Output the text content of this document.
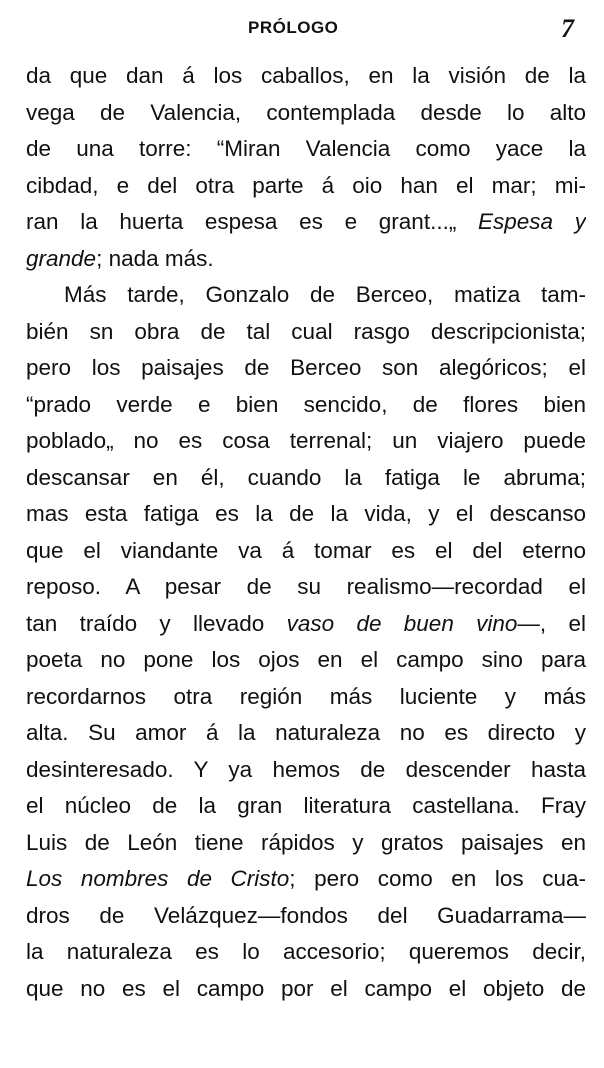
PRÓLOGO	7
da que dan á los caballos, en la visión de la
vega de Valencia, contemplada desde lo alto
de una torre: “Miran Valencia como yace la
cibdad, e del otra parte á oio han el mar; mi-
ran la huerta espesa es e grant...„ Espesa y
grande; nada más.
Más tarde, Gonzalo de Berceo, matiza tam-
bién sn obra de tal cual rasgo descripcionista;
pero los paisajes de Berceo son alegóricos; el
“prado verde e bien sencido, de flores bien
poblado„ no es cosa terrenal; un viajero puede
descansar en él, cuando la fatiga le abruma;
mas esta fatiga es la de la vida, y el descanso
que el viandante va á tomar es el del eterno
reposo. A pesar de su realismo—recordad el
tan traído y llevado vaso de buen vino—, el
poeta no pone los ojos en el campo sino para
recordarnos otra región más luciente y más
alta. Su amor á la naturaleza no es directo y
desinteresado. Y ya hemos de descender hasta
el núcleo de la gran literatura castellana. Fray
Luis de León tiene rápidos y gratos paisajes en
Los nombres de Cristo; pero como en los cua-
dros de Velázquez—fondos del Guadarrama—
la naturaleza es lo accesorio; queremos decir,
que no es el campo por el campo el objeto de
